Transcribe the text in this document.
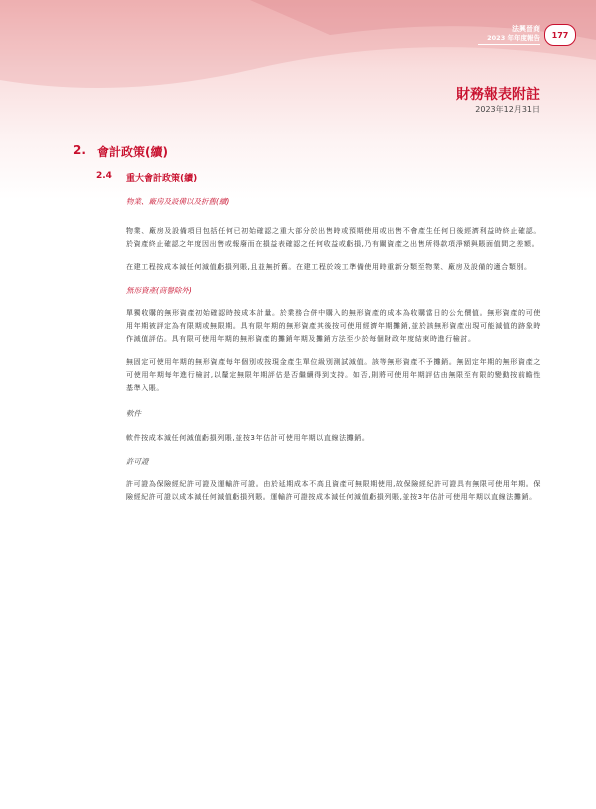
法興晉商
2023 年年度報告	177
財務報表附註
2023年12月31日
2. 會計政策(續)
2.4 重大會計政策(續)

物業、廠房及設備以及折舊(續)

物業、廠房及設備項目包括任何已初始確認之重大部分於出售時或預期使用或出售不會產生任何日後經濟利益時終止確認。於資產終止確認之年度因出售或報廢而在損益表確認之任何收益或虧損,乃有關資產之出售所得款項淨額與賬面值間之差額。

在建工程按成本減任何減值虧損列賬,且並無折舊。在建工程於竣工準備使用時重新分類至物業、廠房及設備的適合類別。

無形資產(商譽除外)

單獨收購的無形資產初始確認時按成本計量。於業務合併中購入的無形資產的成本為收購當日的公允價值。無形資產的可使用年期被評定為有限期或無限期。具有限年期的無形資產其後按可使用經濟年期攤銷,並於該無形資產出現可能減值的跡象時作減值評估。具有限可使用年期的無形資產的攤銷年期及攤銷方法至少於每個財政年度結束時進行檢討。

無固定可使用年期的無形資產每年個別或按現金產生單位級別測試減值。該等無形資產不予攤銷。無固定年期的無形資產之可使用年期每年進行檢討,以釐定無限年期評估是否繼續得到支持。如否,則將可使用年期評估由無限至有限的變動按前瞻性基準入賬。

軟件

軟件按成本減任何減值虧損列賬,並按3年估計可使用年期以直線法攤銷。

許可證

許可證為保險經紀許可證及運輸許可證。由於延期成本不高且資產可無限期使用,故保險經紀許可證具有無限可使用年期。保險經紀許可證以成本減任何減值虧損列賬。運輸許可證按成本減任何減值虧損列賬,並按3年估計可使用年期以直線法攤銷。
